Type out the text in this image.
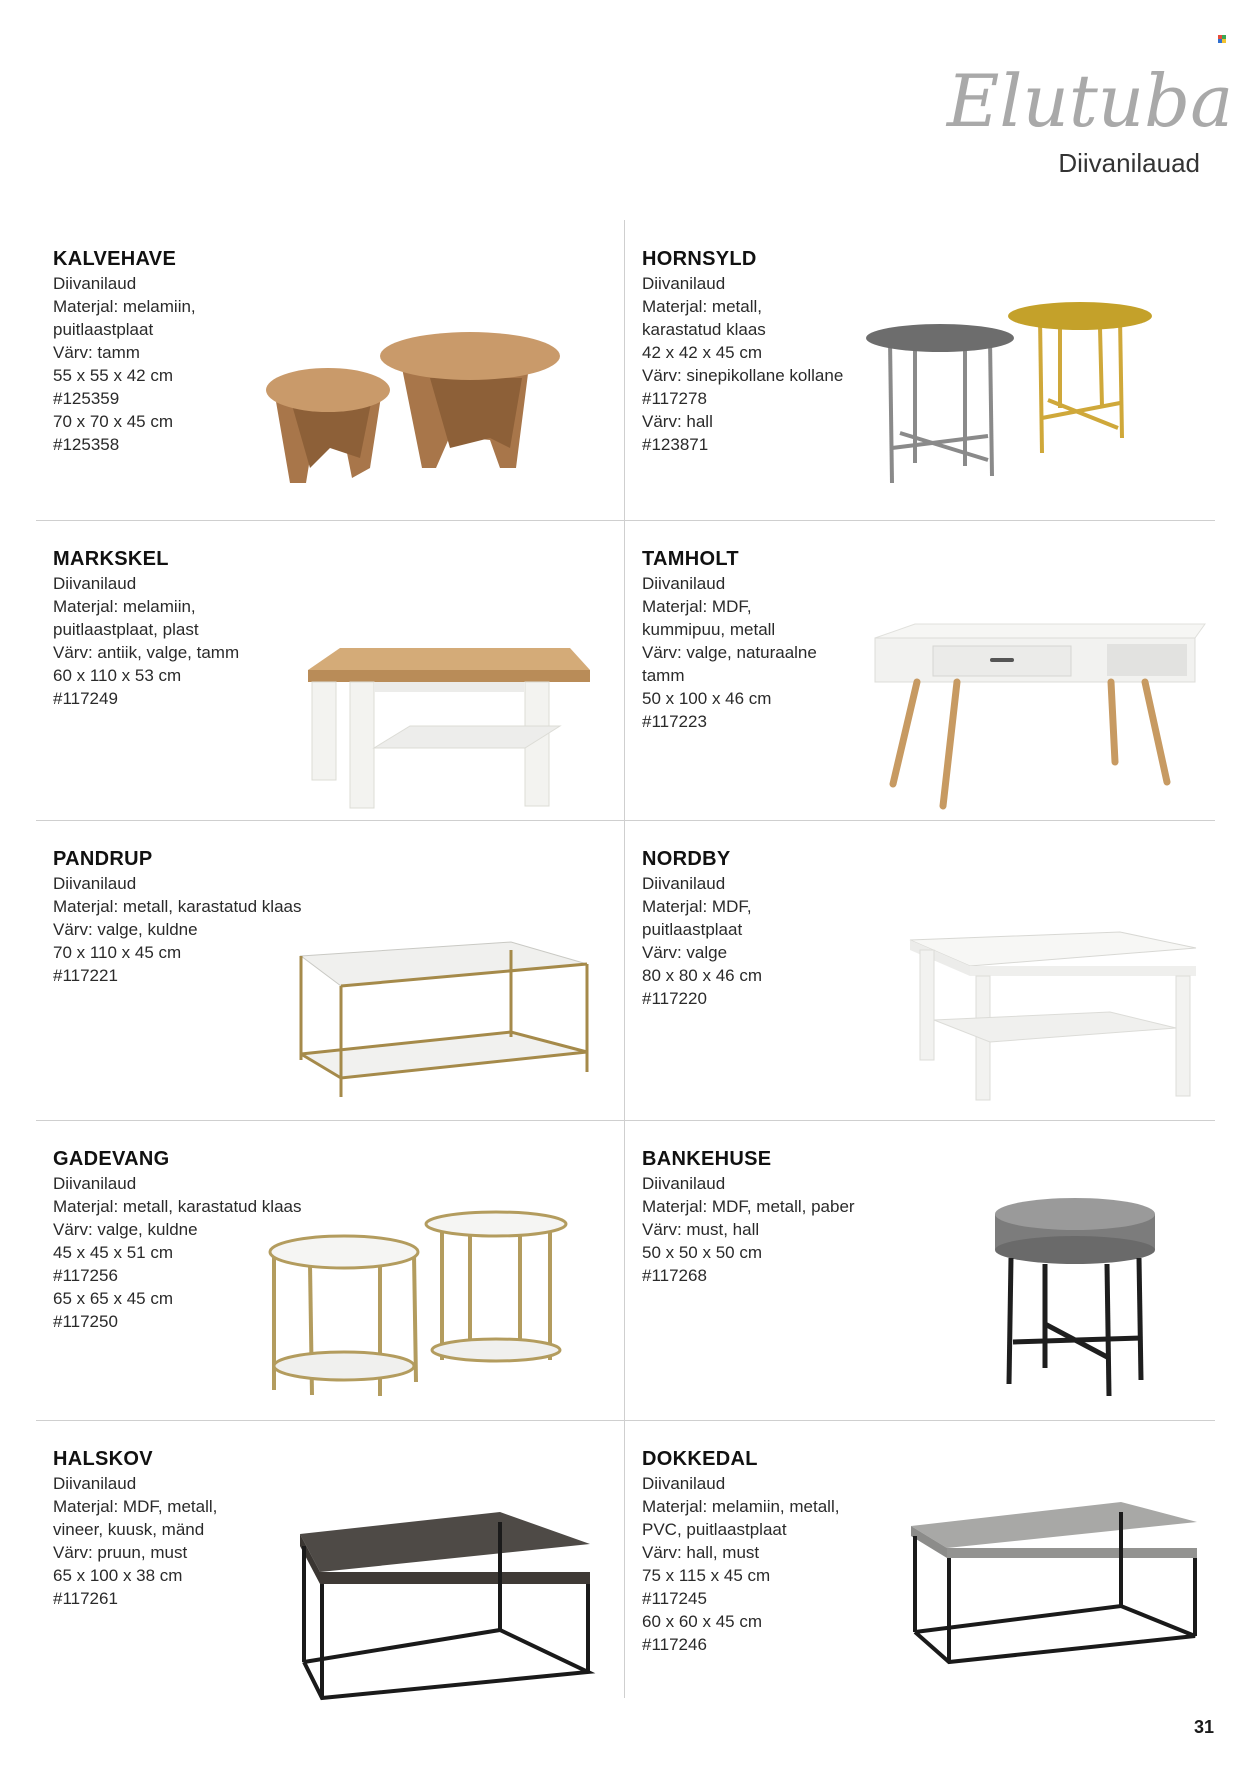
Elutuba
Diivanilauad
KALVEHAVE
Diivanilaud
Materjal: melamiin,
puitlaastplaat
Värv: tamm
55 x 55 x 42 cm
#125359
70 x 70 x 45 cm
#125358
HORNSYLD
Diivanilaud
Materjal: metall,
karastatud klaas
42 x 42 x 45 cm
Värv: sinepikollane kollane
#117278
Värv: hall
#123871
MARKSKEL
Diivanilaud
Materjal: melamiin,
puitlaastplaat, plast
Värv: antiik, valge, tamm
60 x 110 x 53 cm
#117249
TAMHOLT
Diivanilaud
Materjal: MDF,
kummipuu, metall
Värv: valge, naturaalne
tamm
50 x 100 x 46 cm
#117223
PANDRUP
Diivanilaud
Materjal: metall, karastatud klaas
Värv: valge, kuldne
70 x 110 x 45 cm
#117221
NORDBY
Diivanilaud
Materjal: MDF,
puitlaastplaat
Värv: valge
80 x 80 x 46 cm
#117220
GADEVANG
Diivanilaud
Materjal: metall, karastatud klaas
Värv: valge, kuldne
45 x 45 x 51 cm
#117256
65 x 65 x 45 cm
#117250
BANKEHUSE
Diivanilaud
Materjal: MDF, metall, paber
Värv: must, hall
50 x 50 x 50 cm
#117268
HALSKOV
Diivanilaud
Materjal: MDF, metall,
vineer, kuusk, mänd
Värv: pruun, must
65 x 100 x 38 cm
#117261
DOKKEDAL
Diivanilaud
Materjal: melamiin, metall,
PVC, puitlaastplaat
Värv: hall, must
75 x 115 x 45 cm
#117245
60 x 60 x 45 cm
#117246
31
